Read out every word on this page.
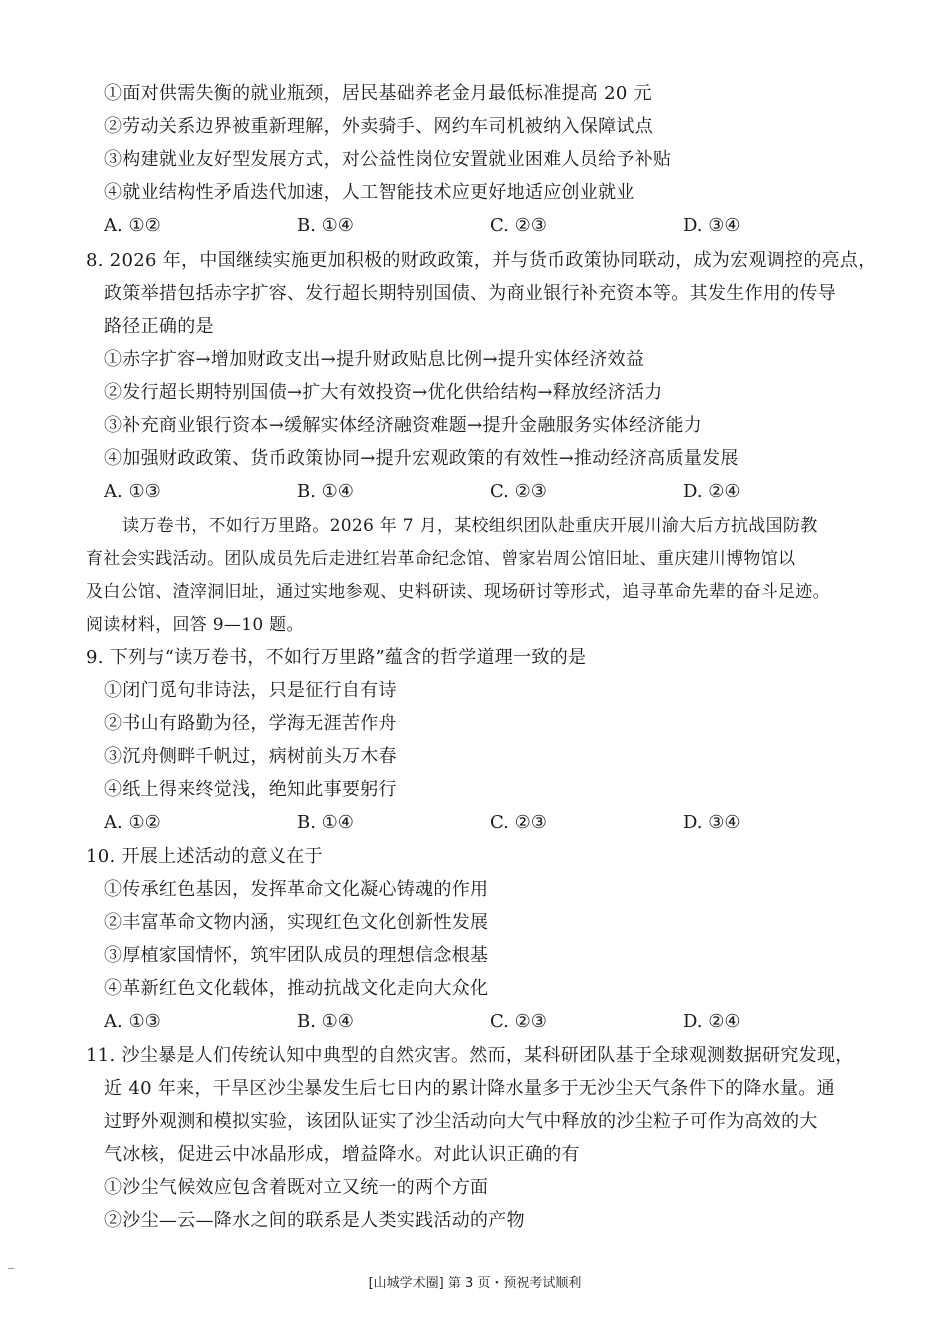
①面对供需失衡的就业瓶颈，居民基础养老金月最低标准提高 20 元
②劳动关系边界被重新理解，外卖骑手、网约车司机被纳入保障试点
③构建就业友好型发展方式，对公益性岗位安置就业困难人员给予补贴
④就业结构性矛盾迭代加速，人工智能技术应更好地适应创业就业
A. ①②	B. ①④	C. ②③	D. ③④
8. 2026 年，中国继续实施更加积极的财政政策，并与货币政策协同联动，成为宏观调控的亮点，
政策举措包括赤字扩容、发行超长期特别国债、为商业银行补充资本等。其发生作用的传导
路径正确的是
①赤字扩容→增加财政支出→提升财政贴息比例→提升实体经济效益
②发行超长期特别国债→扩大有效投资→优化供给结构→释放经济活力
③补充商业银行资本→缓解实体经济融资难题→提升金融服务实体经济能力
④加强财政政策、货币政策协同→提升宏观政策的有效性→推动经济高质量发展
A. ①③	B. ①④	C. ②③	D. ②④
读万卷书，不如行万里路。2026 年 7 月，某校组织团队赴重庆开展川渝大后方抗战国防教
育社会实践活动。团队成员先后走进红岩革命纪念馆、曾家岩周公馆旧址、重庆建川博物馆以
及白公馆、渣滓洞旧址，通过实地参观、史料研读、现场研讨等形式，追寻革命先辈的奋斗足迹。
阅读材料，回答 9—10 题。
9. 下列与“读万卷书，不如行万里路”蕴含的哲学道理一致的是
①闭门觅句非诗法，只是征行自有诗
②书山有路勤为径，学海无涯苦作舟
③沉舟侧畔千帆过，病树前头万木春
④纸上得来终觉浅，绝知此事要躬行
A. ①②	B. ①④	C. ②③	D. ③④
10. 开展上述活动的意义在于
①传承红色基因，发挥革命文化凝心铸魂的作用
②丰富革命文物内涵，实现红色文化创新性发展
③厚植家国情怀，筑牢团队成员的理想信念根基
④革新红色文化载体，推动抗战文化走向大众化
A. ①③	B. ①④	C. ②③	D. ②④
11. 沙尘暴是人们传统认知中典型的自然灾害。然而，某科研团队基于全球观测数据研究发现，
近 40 年来，干旱区沙尘暴发生后七日内的累计降水量多于无沙尘天气条件下的降水量。通
过野外观测和模拟实验，该团队证实了沙尘活动向大气中释放的沙尘粒子可作为高效的大
气冰核，促进云中冰晶形成，增益降水。对此认识正确的有
①沙尘气候效应包含着既对立又统一的两个方面
②沙尘—云—降水之间的联系是人类实践活动的产物
[山城学术圈] 第 3 页・预祝考试顺利
